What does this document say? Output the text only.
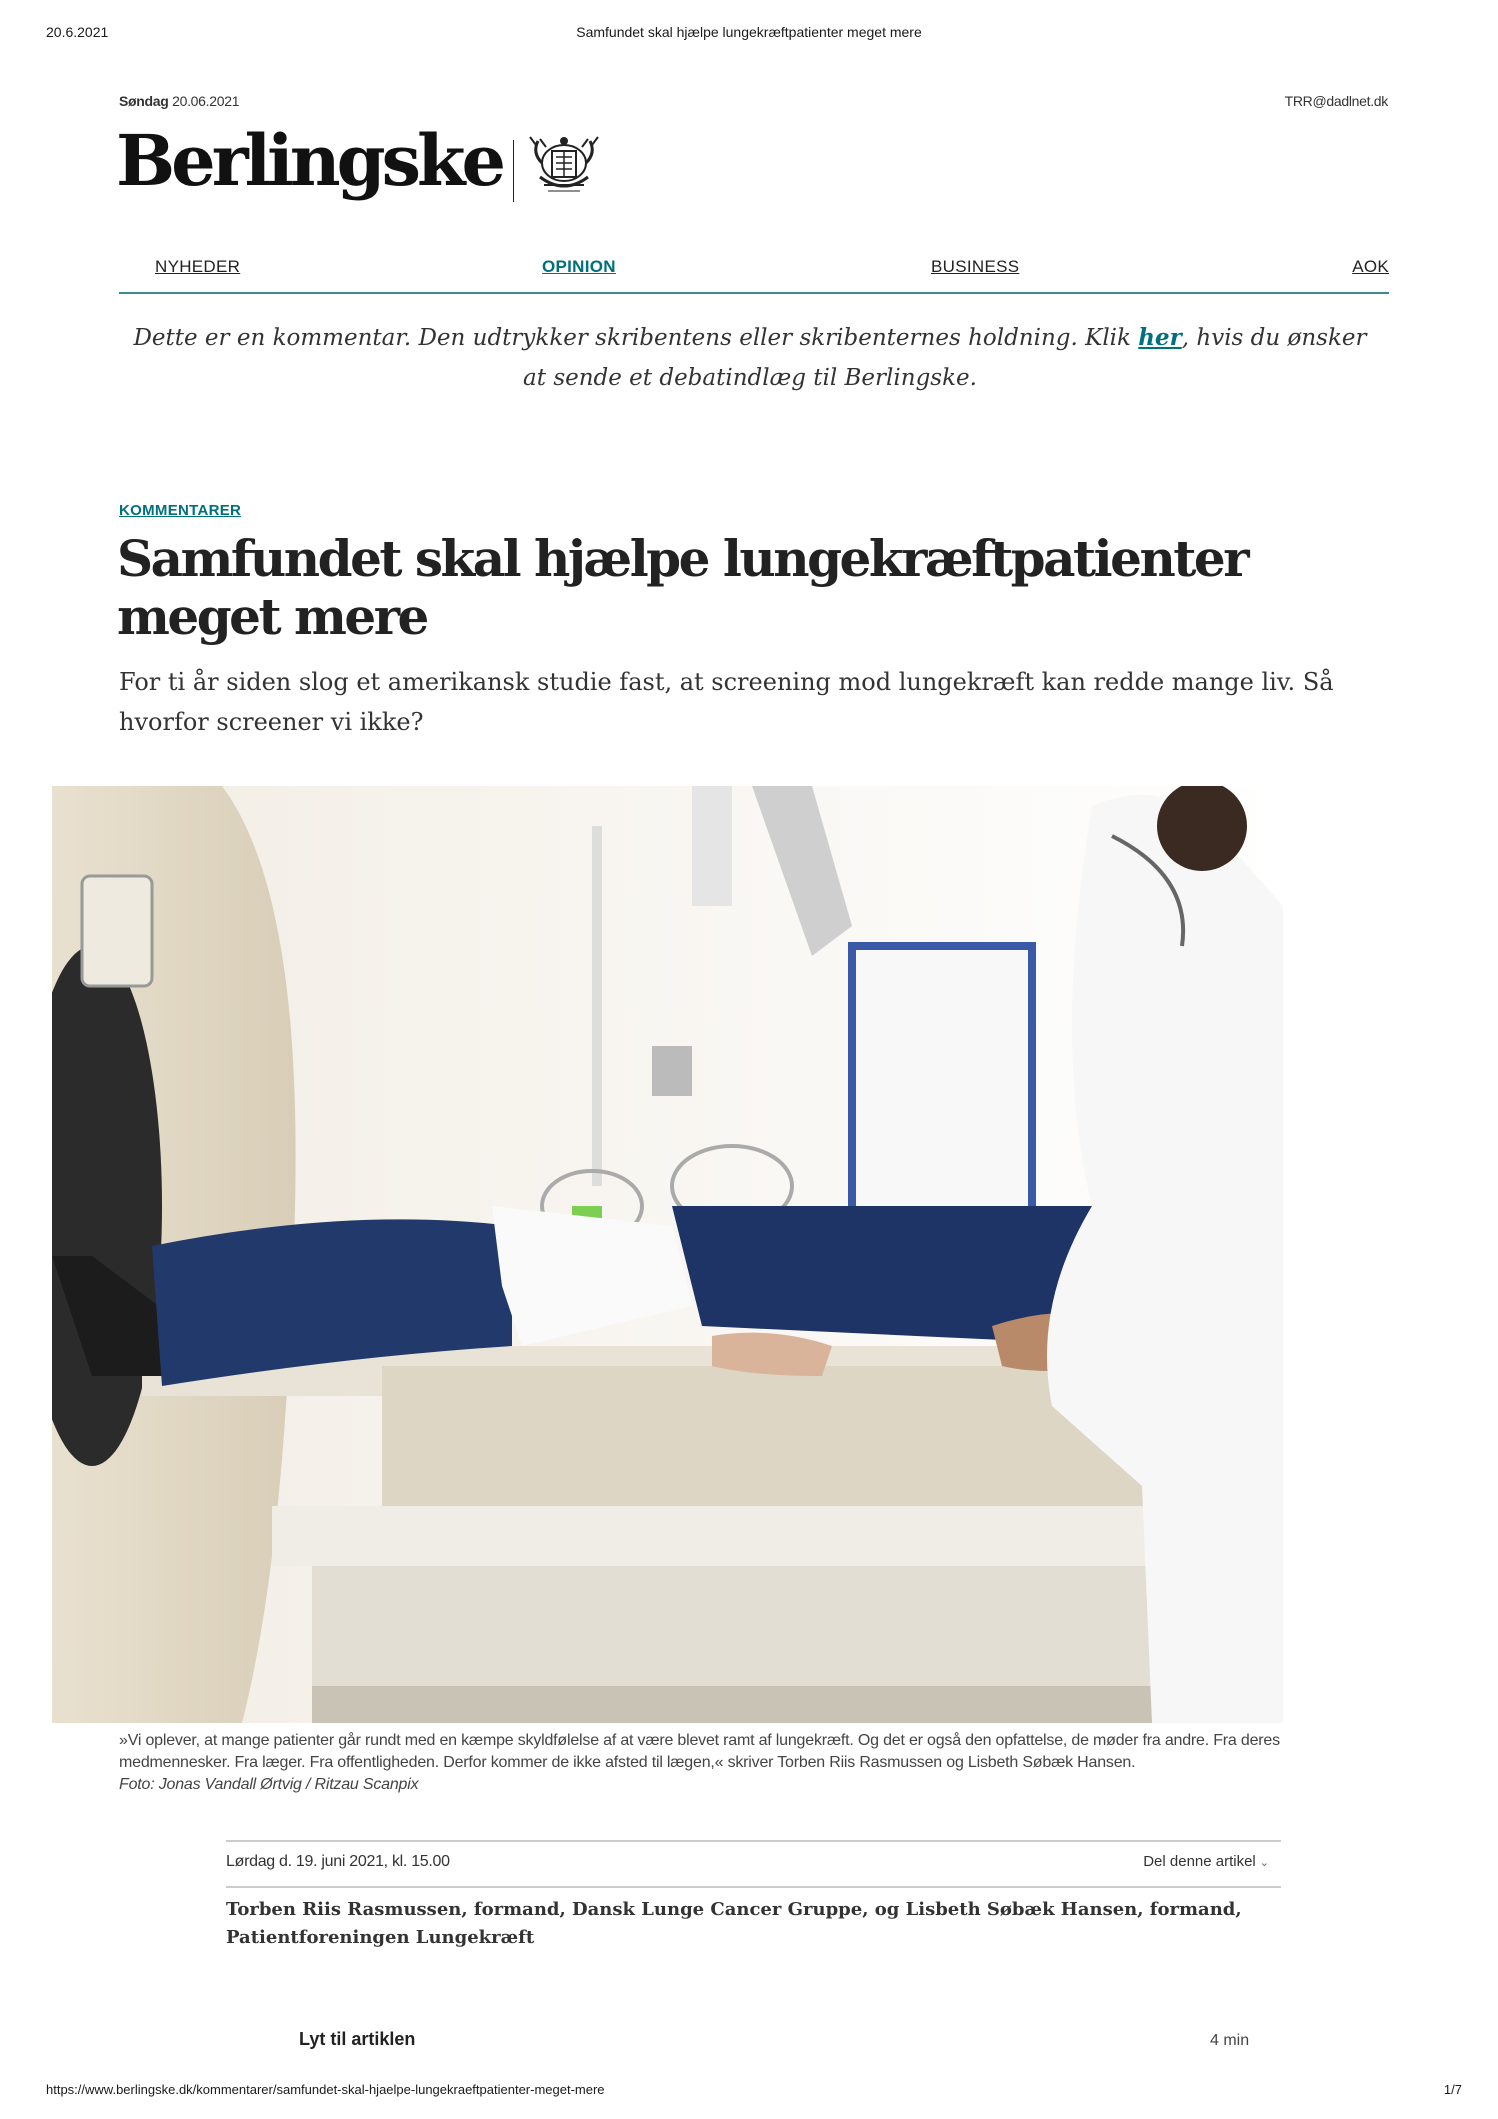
20.6.2021	Samfundet skal hjælpe lungekræftpatienter meget mere
Søndag 20.06.2021	TRR@dadlnet.dk
Berlingske
NYHEDER	OPINION	BUSINESS	AOK
Dette er en kommentar. Den udtrykker skribentens eller skribenternes holdning. Klik her, hvis du ønsker at sende et debatindlæg til Berlingske.
KOMMENTARER
Samfundet skal hjælpe lungekræftpatienter meget mere

For ti år siden slog et amerikansk studie fast, at screening mod lungekræft kan redde mange liv. Så hvorfor screener vi ikke?

»Vi oplever, at mange patienter går rundt med en kæmpe skyldfølelse af at være blevet ramt af lungekræft. Og det er også den opfattelse, de møder fra andre. Fra deres medmennesker. Fra læger. Fra offentligheden. Derfor kommer de ikke afsted til lægen,« skriver Torben Riis Rasmussen og Lisbeth Søbæk Hansen.
Foto: Jonas Vandall Ørtvig / Ritzau Scanpix
Lørdag d. 19. juni 2021, kl. 15.00	Del denne artikel ⌄
Torben Riis Rasmussen, formand, Dansk Lunge Cancer Gruppe, og Lisbeth Søbæk Hansen, formand, Patientforeningen Lungekræft
Lyt til artiklen	4 min
https://www.berlingske.dk/kommentarer/samfundet-skal-hjaelpe-lungekraeftpatienter-meget-mere	1/7
